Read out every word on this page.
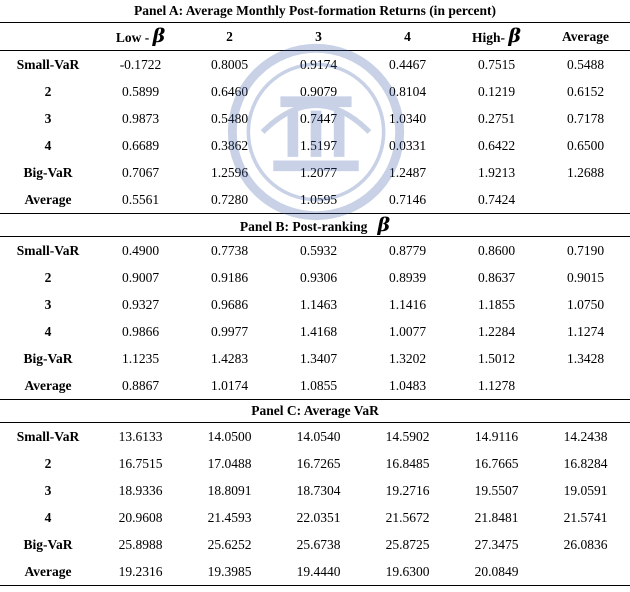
Panel A: Average Monthly Post-formation Returns (in percent)						
	Low - β	2	3	4	High- β	Average
Small-VaR	-0.1722	0.8005	0.9174	0.4467	0.7515	0.5488
2	0.5899	0.6460	0.9079	0.8104	0.1219	0.6152
3	0.9873	0.5480	0.7447	1.0340	0.2751	0.7178
4	0.6689	0.3862	1.5197	0.0331	0.6422	0.6500
Big-VaR	0.7067	1.2596	1.2077	1.2487	1.9213	1.2688
Average	0.5561	0.7280	1.0595	0.7146	0.7424	
Panel B: Post-ranking β						
Small-VaR	0.4900	0.7738	0.5932	0.8779	0.8600	0.7190
2	0.9007	0.9186	0.9306	0.8939	0.8637	0.9015
3	0.9327	0.9686	1.1463	1.1416	1.1855	1.0750
4	0.9866	0.9977	1.4168	1.0077	1.2284	1.1274
Big-VaR	1.1235	1.4283	1.3407	1.3202	1.5012	1.3428
Average	0.8867	1.0174	1.0855	1.0483	1.1278	
Panel C: Average VaR						
Small-VaR	13.6133	14.0500	14.0540	14.5902	14.9116	14.2438
2	16.7515	17.0488	16.7265	16.8485	16.7665	16.8284
3	18.9336	18.8091	18.7304	19.2716	19.5507	19.0591
4	20.9608	21.4593	22.0351	21.5672	21.8481	21.5741
Big-VaR	25.8988	25.6252	25.6738	25.8725	27.3475	26.0836
Average	19.2316	19.3985	19.4440	19.6300	20.0849	
